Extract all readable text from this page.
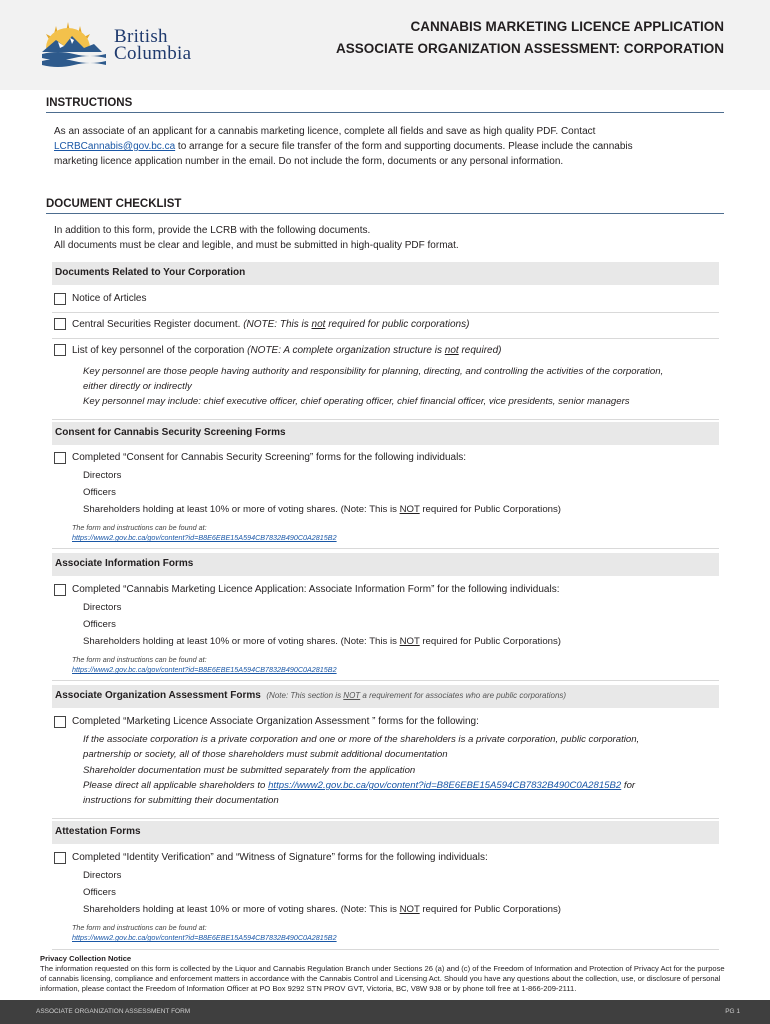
British
Columbia
CANNABIS MARKETING LICENCE APPLICATION
ASSOCIATE ORGANIZATION ASSESSMENT: CORPORATION
INSTRUCTIONS
As an associate of an applicant for a cannabis marketing licence, complete all fields and save as high quality PDF. Contact
LCRBCannabis@gov.bc.ca to arrange for a secure file transfer of the form and supporting documents. Please include the cannabis
marketing licence application number in the email. Do not include the form, documents or any personal information.
DOCUMENT CHECKLIST
In addition to this form, provide the LCRB with the following documents.
All documents must be clear and legible, and must be submitted in high-quality PDF format.
Documents Related to Your Corporation
Notice of Articles
Central Securities Register document. (NOTE: This is not required for public corporations)
List of key personnel of the corporation (NOTE: A complete organization structure is not required)
Key personnel are those people having authority and responsibility for planning, directing, and controlling the activities of the corporation,
either directly or indirectly
Key personnel may include: chief executive officer, chief operating officer, chief financial officer, vice presidents, senior managers
Consent for Cannabis Security Screening Forms
Completed “Consent for Cannabis Security Screening” forms for the following individuals:
Directors
Officers
Shareholders holding at least 10% or more of voting shares. (Note: This is NOT required for Public Corporations)
The form and instructions can be found at:
https://www2.gov.bc.ca/gov/content?id=B8E6EBE15A594CB7832B490C0A2815B2
Associate Information Forms
Completed “Cannabis Marketing Licence Application: Associate Information Form” for the following individuals:
Directors
Officers
Shareholders holding at least 10% or more of voting shares. (Note: This is NOT required for Public Corporations)
The form and instructions can be found at:
https://www2.gov.bc.ca/gov/content?id=B8E6EBE15A594CB7832B490C0A2815B2
Associate Organization Assessment Forms (Note: This section is NOT a requirement for associates who are public corporations)
Completed “Marketing Licence Associate Organization Assessment ” forms for the following:
If the associate corporation is a private corporation and one or more of the shareholders is a private corporation, public corporation,
partnership or society, all of those shareholders must submit additional documentation
Shareholder documentation must be submitted separately from the application
Please direct all applicable shareholders to https://www2.gov.bc.ca/gov/content?id=B8E6EBE15A594CB7832B490C0A2815B2 for
instructions for submitting their documentation
Attestation Forms
Completed “Identity Verification” and “Witness of Signature” forms for the following individuals:
Directors
Officers
Shareholders holding at least 10% or more of voting shares. (Note: This is NOT required for Public Corporations)
The form and instructions can be found at:
https://www2.gov.bc.ca/gov/content?id=B8E6EBE15A594CB7832B490C0A2815B2
Privacy Collection Notice
The information requested on this form is collected by the Liquor and Cannabis Regulation Branch under Sections 26 (a) and (c) of the Freedom of Information and Protection of Privacy Act for the purpose of cannabis licensing, compliance and enforcement matters in accordance with the Cannabis Control and Licensing Act. Should you have any questions about the collection, use, or disclosure of personal information, please contact the Freedom of Information Officer at PO Box 9292 STN PROV GVT, Victoria, BC, V8W 9J8 or by phone toll free at 1-866-209-2111.
ASSOCIATE ORGANIZATION ASSESSMENT FORM	PG 1
